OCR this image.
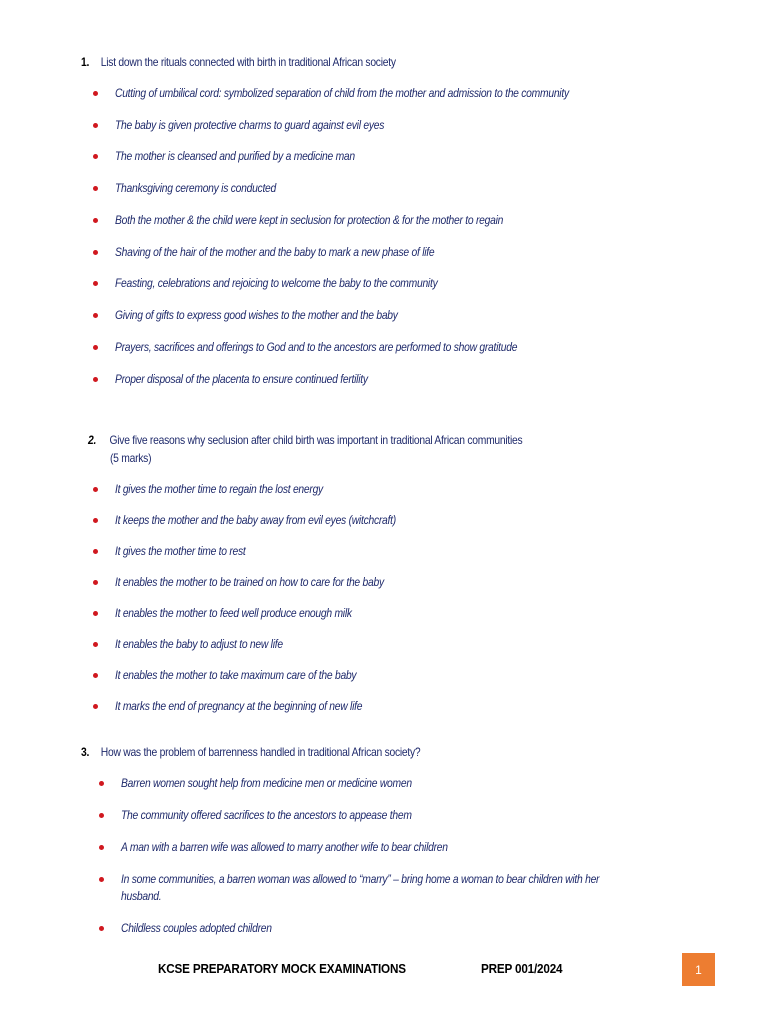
1. List down the rituals connected with birth in traditional African society
Cutting of umbilical cord: symbolized separation of child from the mother and admission to the community
The baby is given protective charms to guard against evil eyes
The mother is cleansed and purified by a medicine man
Thanksgiving ceremony is conducted
Both the mother & the child were kept in seclusion for protection & for the mother to regain
Shaving of the hair of the mother and the baby to mark a new phase of life
Feasting, celebrations and rejoicing to welcome the baby to the community
Giving of gifts to express good wishes to the mother and the baby
Prayers, sacrifices and offerings to God and to the ancestors are performed to show gratitude
Proper disposal of the placenta to ensure continued fertility
2. Give five reasons why seclusion after child birth was important in traditional African communities
(5 marks)
It gives the mother time to regain the lost energy
It keeps the mother and the baby away from evil eyes (witchcraft)
It gives the mother time to rest
It enables the mother to be trained on how to care for the baby
It enables the mother to feed well produce enough milk
It enables the baby to adjust to new life
It enables the mother to take maximum care of the baby
It marks the end of pregnancy at the beginning of new life
3. How was the problem of barrenness handled in traditional African society?
Barren women sought help from medicine men or medicine women
The community offered sacrifices to the ancestors to appease them
A man with a barren wife was allowed to marry another wife to bear children
In some communities, a barren woman was allowed to “marry” – bring home a woman to bear children with her
husband.
Childless couples adopted children
KCSE PREPARATORY MOCK EXAMINATIONS	PREP 001/2024	1
